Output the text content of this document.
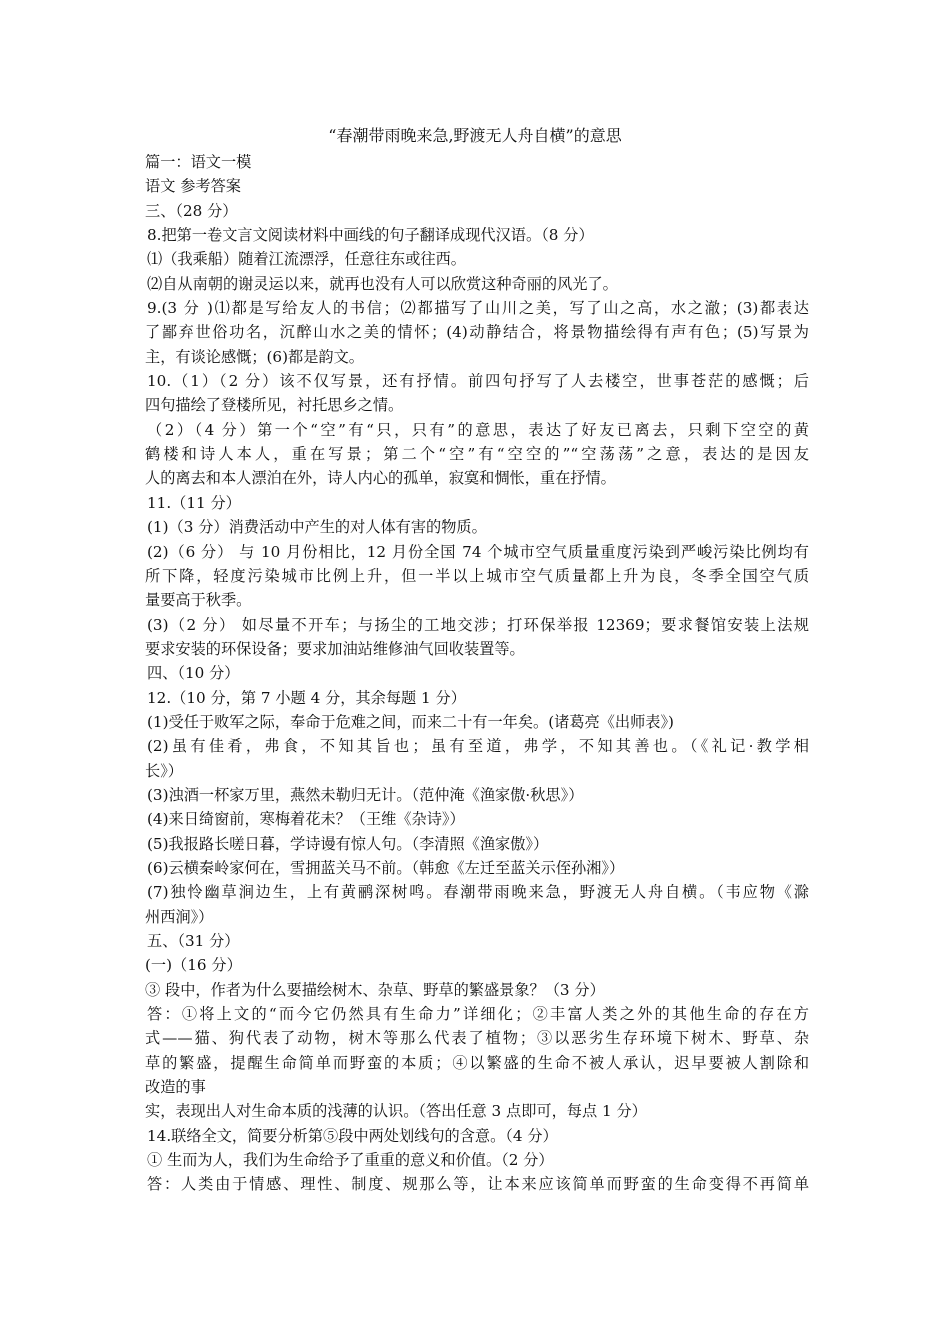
“春潮带雨晚来急,野渡无人舟自横”的意思
篇一：语文一模
语文 参考答案
三、（28 分）
8.把第一卷文言文阅读材料中画线的句子翻译成现代汉语。（8 分）
⑴（我乘船）随着江流漂浮，任意往东或往西。
⑵自从南朝的谢灵运以来，就再也没有人可以欣赏这种奇丽的风光了。
9.(3 分 )⑴都是写给友人的书信；⑵都描写了山川之美，写了山之高，水之澈；(3)都表达
了鄙弃世俗功名，沉醉山水之美的情怀；(4)动静结合，将景物描绘得有声有色；(5)写景为
主，有谈论感慨；(6)都是韵文。
10.（1）（2 分）该不仅写景，还有抒情。前四句抒写了人去楼空，世事苍茫的感慨；后
四句描绘了登楼所见，衬托思乡之情。
（2）（4 分）第一个“空”有“只，只有”的意思，表达了好友已离去，只剩下空空的黄
鹤楼和诗人本人，重在写景；第二个“空”有“空空的”“空荡荡”之意，表达的是因友
人的离去和本人漂泊在外，诗人内心的孤单，寂寞和惆怅，重在抒情。
11.（11 分）
(1)（3 分）消费活动中产生的对人体有害的物质。
(2)（6 分） 与 10 月份相比，12 月份全国 74 个城市空气质量重度污染到严峻污染比例均有
所下降，轻度污染城市比例上升，但一半以上城市空气质量都上升为良，冬季全国空气质
量要高于秋季。
(3)（2 分） 如尽量不开车；与扬尘的工地交涉；打环保举报 12369；要求餐馆安装上法规
要求安装的环保设备；要求加油站维修油气回收装置等。
四、（10 分）
12.（10 分，第 7 小题 4 分，其余每题 1 分）
(1)受任于败军之际，奉命于危难之间，而来二十有一年矣。(诸葛亮《出师表》)
(2)虽有佳肴，弗食，不知其旨也；虽有至道，弗学，不知其善也。（《礼记·教学相
长》）
(3)浊酒一杯家万里，燕然未勒归无计。（范仲淹《渔家傲·秋思》）
(4)来日绮窗前，寒梅着花未？（王维《杂诗》）
(5)我报路长嗟日暮，学诗谩有惊人句。（李清照《渔家傲》）
(6)云横秦岭家何在，雪拥蓝关马不前。（韩愈《左迁至蓝关示侄孙湘》）
(7)独怜幽草涧边生，上有黄鹂深树鸣。春潮带雨晚来急，野渡无人舟自横。（韦应物《滁
州西涧》）
五、（31 分）
(一)（16 分）
③ 段中，作者为什么要描绘树木、杂草、野草的繁盛景象？（3 分）
答：①将上文的“而今它仍然具有生命力”详细化；②丰富人类之外的其他生命的存在方
式——猫、狗代表了动物，树木等那么代表了植物；③以恶劣生存环境下树木、野草、杂
草的繁盛，提醒生命简单而野蛮的本质；④以繁盛的生命不被人承认，迟早要被人割除和
改造的事
实，表现出人对生命本质的浅薄的认识。（答出任意 3 点即可，每点 1 分）
14.联络全文，简要分析第⑤段中两处划线句的含意。（4 分）
① 生而为人，我们为生命给予了重重的意义和价值。（2 分）
答：人类由于情感、理性、制度、规那么等，让本来应该简单而野蛮的生命变得不再简单
